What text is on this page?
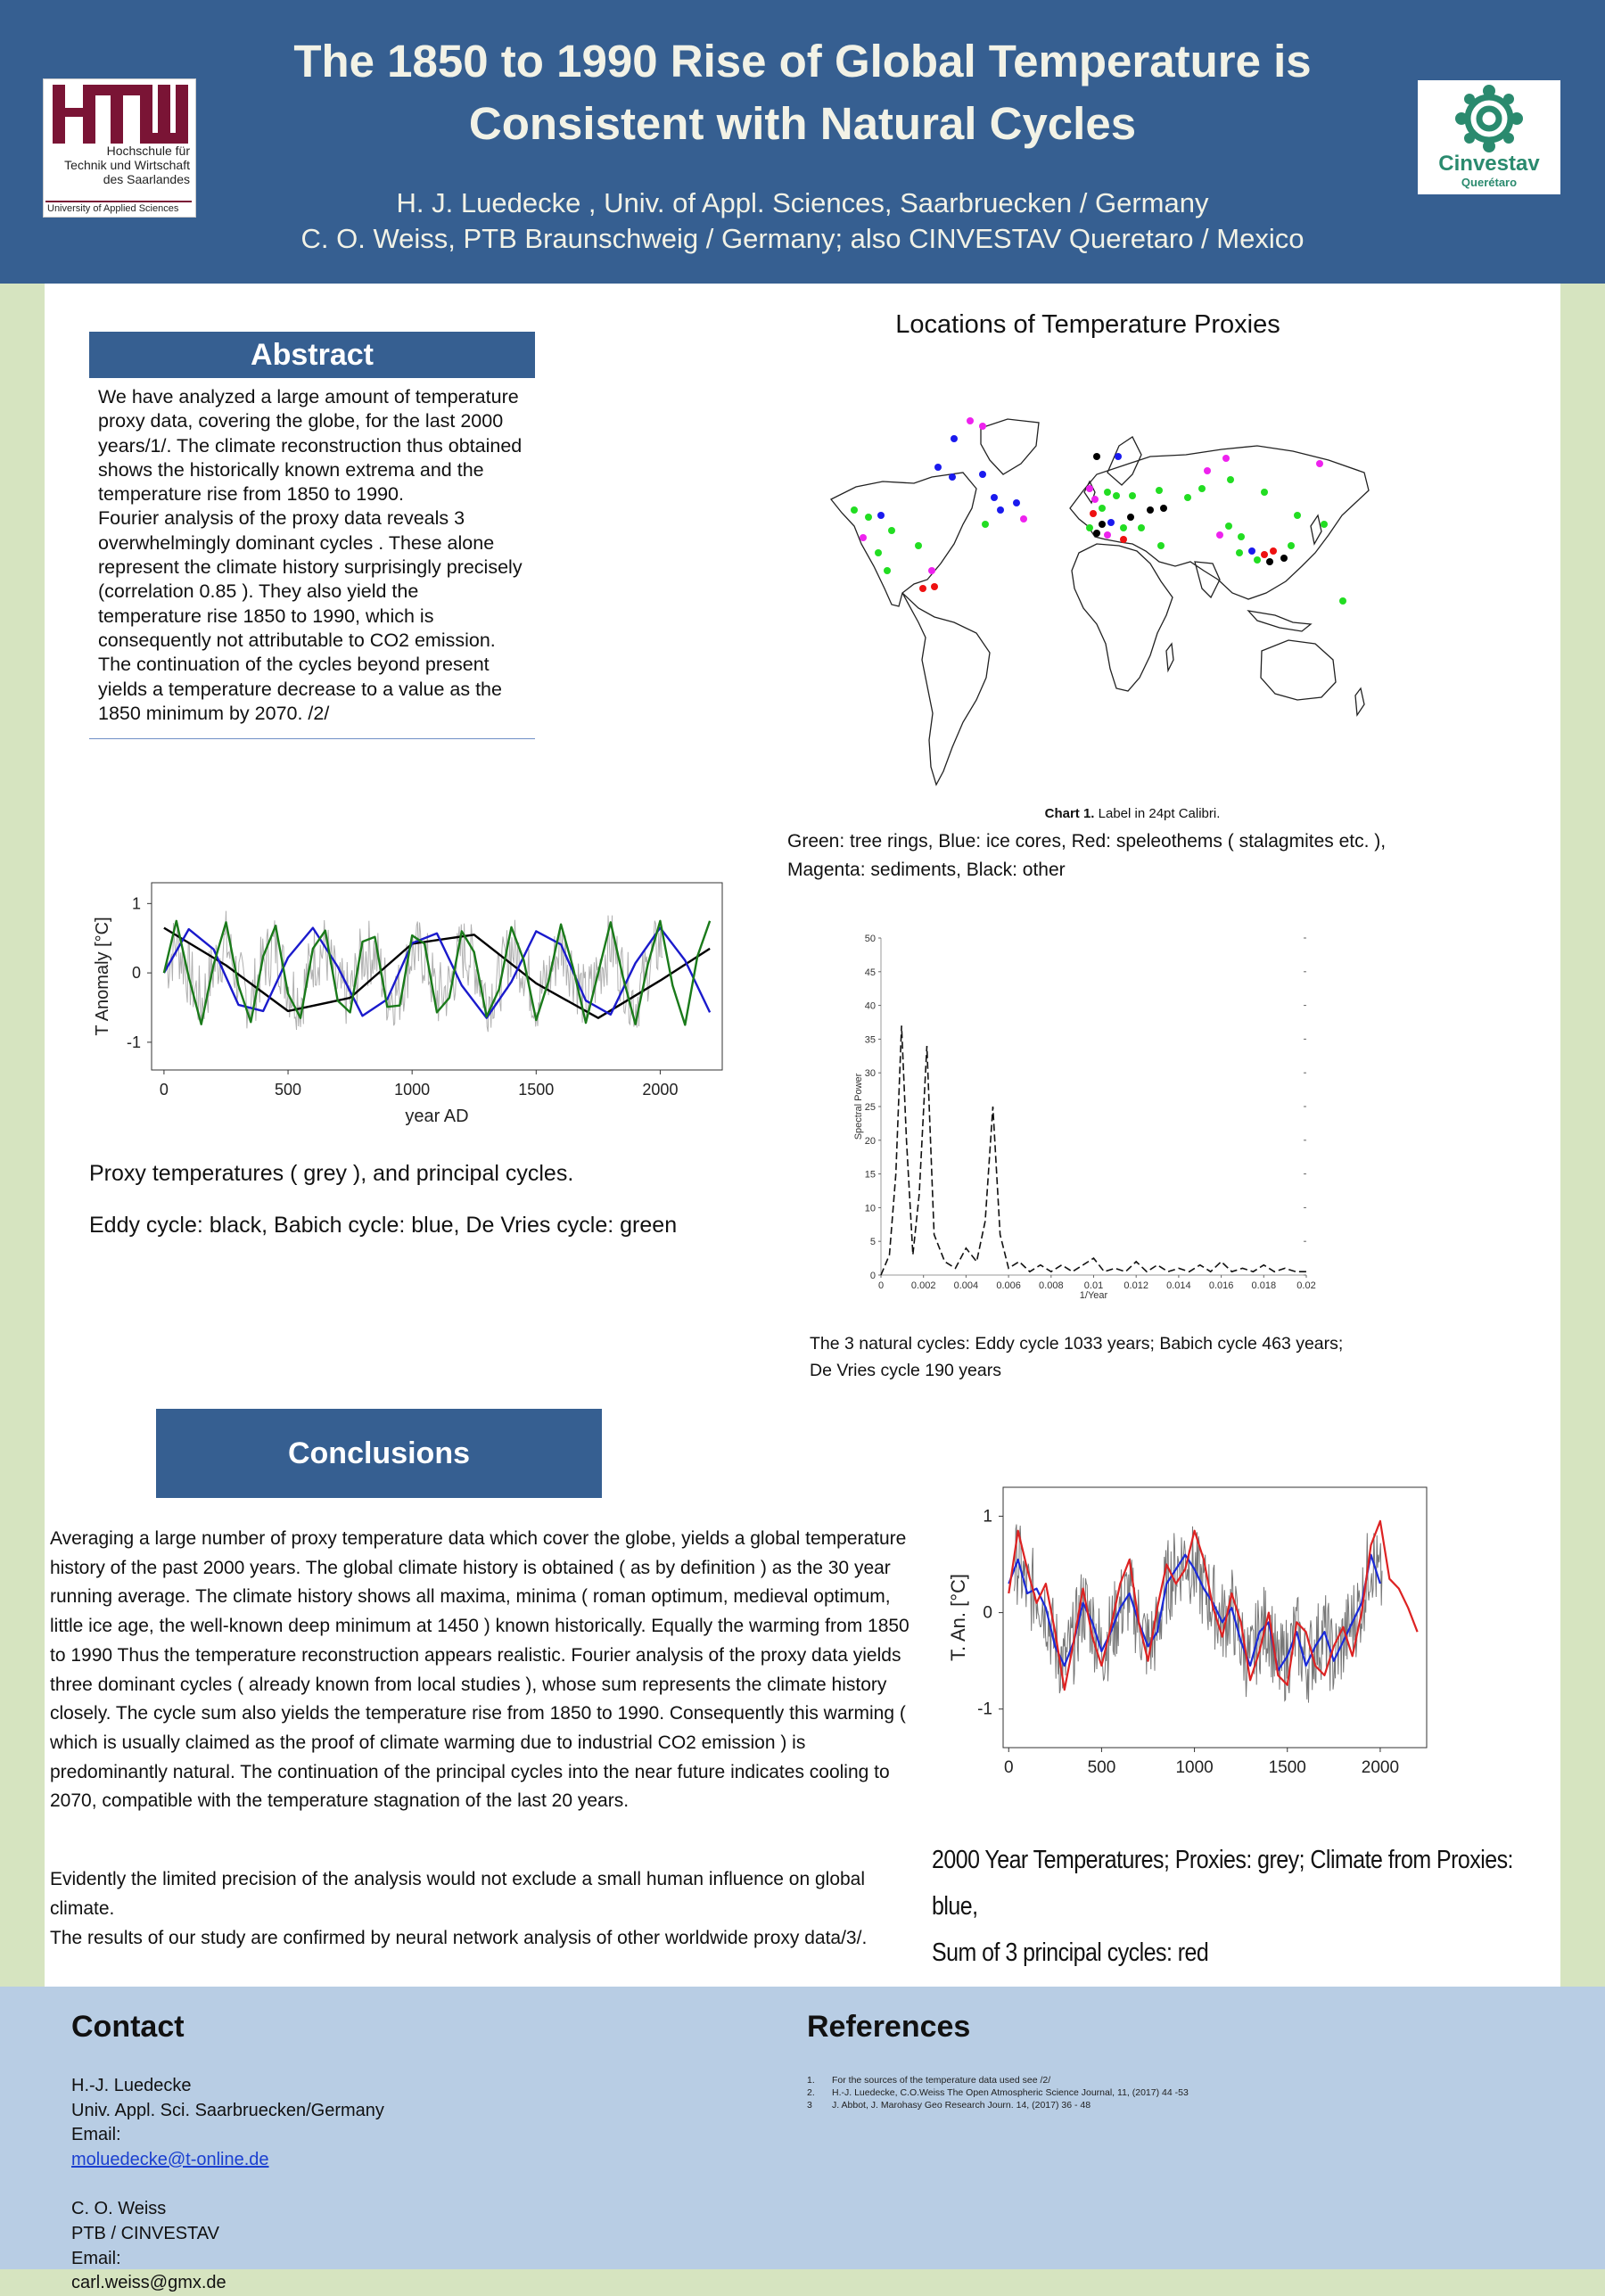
The 1850 to 1990 Rise of Global Temperature is
Consistent with Natural Cycles
H. J. Luedecke , Univ. of Appl. Sciences, Saarbruecken / Germany
C. O. Weiss, PTB Braunschweig / Germany; also CINVESTAV Queretaro / Mexico
Hochschule für
Technik und Wirtschaft
des Saarlandes
University of Applied Sciences
Cinvestav
Querétaro
Abstract
We have analyzed a large amount of temperature proxy data, covering the globe, for the last 2000 years/1/. The climate reconstruction thus obtained shows the historically known extrema and the temperature rise from 1850 to 1990.
Fourier analysis of the proxy data reveals 3 overwhelmingly dominant cycles . These alone represent the climate history surprisingly precisely (correlation 0.85 ). They also yield the temperature rise 1850 to 1990, which is consequently not attributable to CO2 emission. The continuation of the cycles beyond present yields a temperature decrease to a value as the 1850 minimum by 2070. /2/
Locations of Temperature Proxies
Chart 1. Label in 24pt Calibri.
Green: tree rings, Blue: ice cores, Red: speleothems ( stalagmites etc. ),
Magenta: sediments, Black: other
0	500	1000	1500	2000
-1
0
1
year AD
T Anomaly [°C]
Proxy temperatures ( grey ), and principal cycles.
Eddy cycle: black, Babich cycle: blue, De Vries cycle: green
0
5
10
15
20
25
30
35
40
45
50
0	0.002 0.004 0.006 0.008 0.01 0.012 0.014 0.016 0.018 0.02
1/Year
Spectral Power
The 3 natural cycles: Eddy cycle 1033 years; Babich cycle 463 years;
De Vries cycle 190 years
Conclusions
Averaging a large number of proxy temperature data which cover the globe, yields a global temperature history of the past 2000 years. The global climate history is obtained ( as by definition ) as the 30 year running average. The climate history shows all maxima, minima ( roman optimum, medieval optimum, little ice age, the well-known deep minimum at 1450 ) known historically. Equally the warming from 1850 to 1990 Thus the temperature reconstruction appears realistic. Fourier analysis of the proxy data yields three dominant cycles ( already known from local studies ), whose sum represents the climate history closely. The cycle sum also yields the temperature rise from 1850 to 1990. Consequently this warming ( which is usually claimed as the proof of climate warming due to industrial CO2 emission ) is predominantly natural. The continuation of the principal cycles into the near future indicates cooling to 2070, compatible with the temperature stagnation of the last 20 years.
Evidently the limited precision of the analysis would not exclude a small human influence on global climate.
The results of our study are confirmed by neural network analysis of other worldwide proxy data/3/.
0	500	1000	1500	2000
-1
0
1
T. An. [°C]
2000 Year Temperatures; Proxies: grey; Climate from Proxies: blue,
Sum of 3 principal cycles: red
Contact
H.-J. Luedecke
Univ. Appl. Sci. Saarbruecken/Germany
Email:
moluedecke@t-online.de
C. O. Weiss
PTB / CINVESTAV
Email:
carl.weiss@gmx.de
References
1.	For the sources of the temperature data used see /2/
2.	H.-J. Luedecke, C.O.Weiss The Open Atmospheric Science Journal, 11, (2017) 44 -53
3	J. Abbot, J. Marohasy Geo Research Journ. 14, (2017) 36 - 48
